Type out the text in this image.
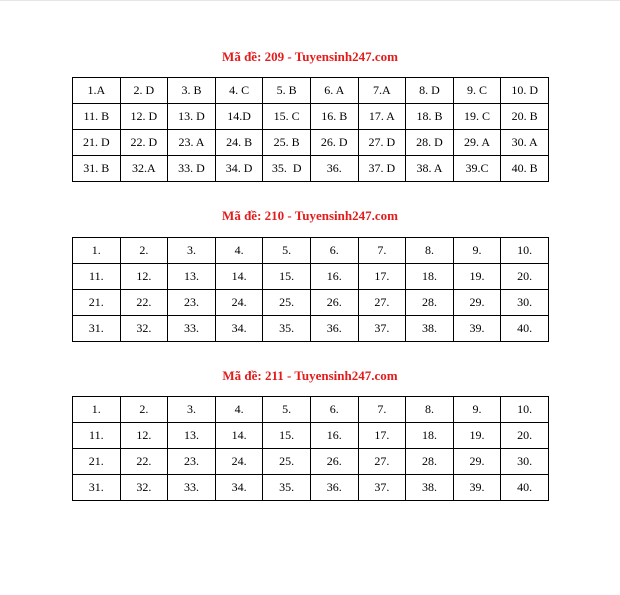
Mã đề: 209 - Tuyensinh247.com
1.A	2. D	3. B	4. C	5. B	6. A	7.A	8. D	9. C	10. D
11. B	12. D	13. D	14.D	15. C	16. B	17. A	18. B	19. C	20. B
21. D	22. D	23. A	24. B	25. B	26. D	27. D	28. D	29. A	30. A
31. B	32.A	33. D	34. D	35.  D	36.	37. D	38. A	39.C	40. B
Mã đề: 210 - Tuyensinh247.com
1.	2.	3.	4.	5.	6.	7.	8.	9.	10.
11.	12.	13.	14.	15.	16.	17.	18.	19.	20.
21.	22.	23.	24.	25.	26.	27.	28.	29.	30.
31.	32.	33.	34.	35.	36.	37.	38.	39.	40.
Mã đề: 211 - Tuyensinh247.com
1.	2.	3.	4.	5.	6.	7.	8.	9.	10.
11.	12.	13.	14.	15.	16.	17.	18.	19.	20.
21.	22.	23.	24.	25.	26.	27.	28.	29.	30.
31.	32.	33.	34.	35.	36.	37.	38.	39.	40.
